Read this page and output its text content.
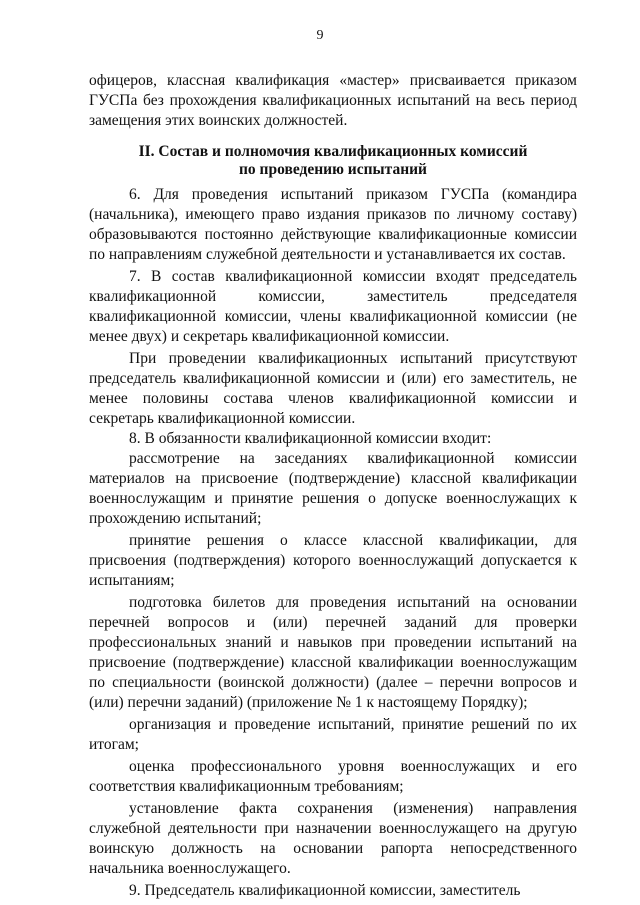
9

офицеров, классная квалификация «мастер» присваивается приказом ГУСПа без прохождения квалификационных испытаний на весь период замещения этих воинских должностей.

II. Состав и полномочия квалификационных комиссий
по проведению испытаний

6. Для проведения испытаний приказом ГУСПа (командира (начальника), имеющего право издания приказов по личному составу) образовываются постоянно действующие квалификационные комиссии по направлениям служебной деятельности и устанавливается их состав.

7. В состав квалификационной комиссии входят председатель квалификационной комиссии, заместитель председателя квалификационной комиссии, члены квалификационной комиссии (не менее двух) и секретарь квалификационной комиссии.

При проведении квалификационных испытаний присутствуют председатель квалификационной комиссии и (или) его заместитель, не менее половины состава членов квалификационной комиссии и секретарь квалификационной комиссии.

8. В обязанности квалификационной комиссии входит:

рассмотрение на заседаниях квалификационной комиссии материалов на присвоение (подтверждение) классной квалификации военнослужащим и принятие решения о допуске военнослужащих к прохождению испытаний;

принятие решения о классе классной квалификации, для присвоения (подтверждения) которого военнослужащий допускается к испытаниям;

подготовка билетов для проведения испытаний на основании перечней вопросов и (или) перечней заданий для проверки профессиональных знаний и навыков при проведении испытаний на присвоение (подтверждение) классной квалификации военнослужащим по специальности (воинской должности) (далее – перечни вопросов и (или) перечни заданий) (приложение № 1 к настоящему Порядку);

организация и проведение испытаний, принятие решений по их итогам;

оценка профессионального уровня военнослужащих и его соответствия квалификационным требованиям;

установление факта сохранения (изменения) направления служебной деятельности при назначении военнослужащего на другую воинскую должность на основании рапорта непосредственного начальника военнослужащего.

9. Председатель квалификационной комиссии, заместитель
